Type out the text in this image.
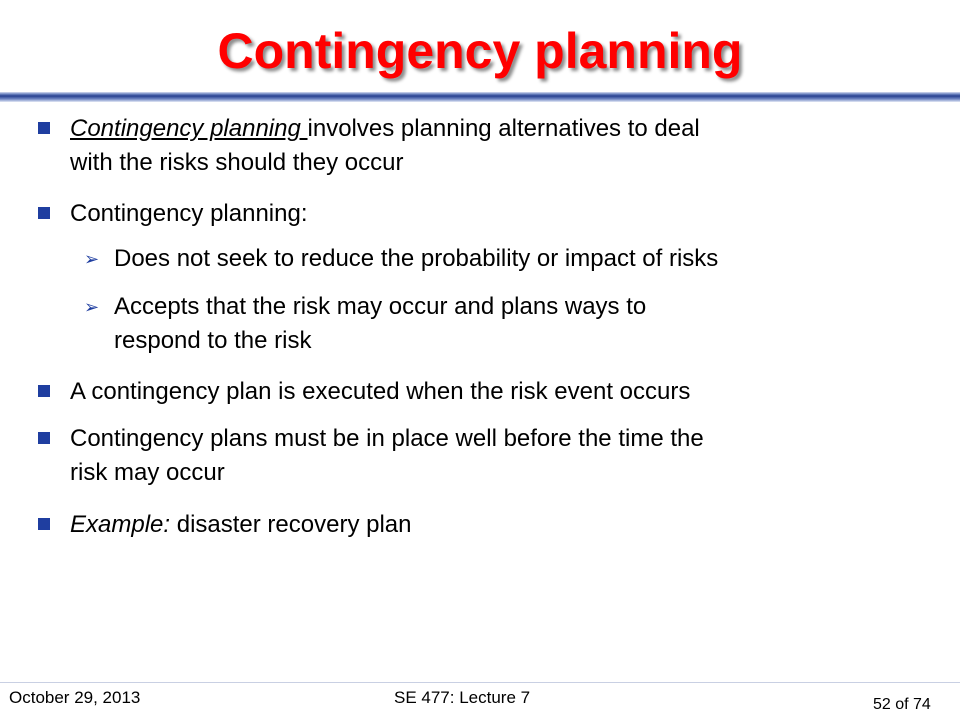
Contingency planning
Contingency planning involves planning alternatives to deal
with the risks should they occur
Contingency planning:
➢ Does not seek to reduce the probability or impact of risks
➢ Accepts that the risk may occur and plans ways to
respond to the risk
A contingency plan is executed when the risk event occurs
Contingency plans must be in place well before the time the
risk may occur
Example: disaster recovery plan
October 29, 2013	SE 477: Lecture 7	52 of 74
